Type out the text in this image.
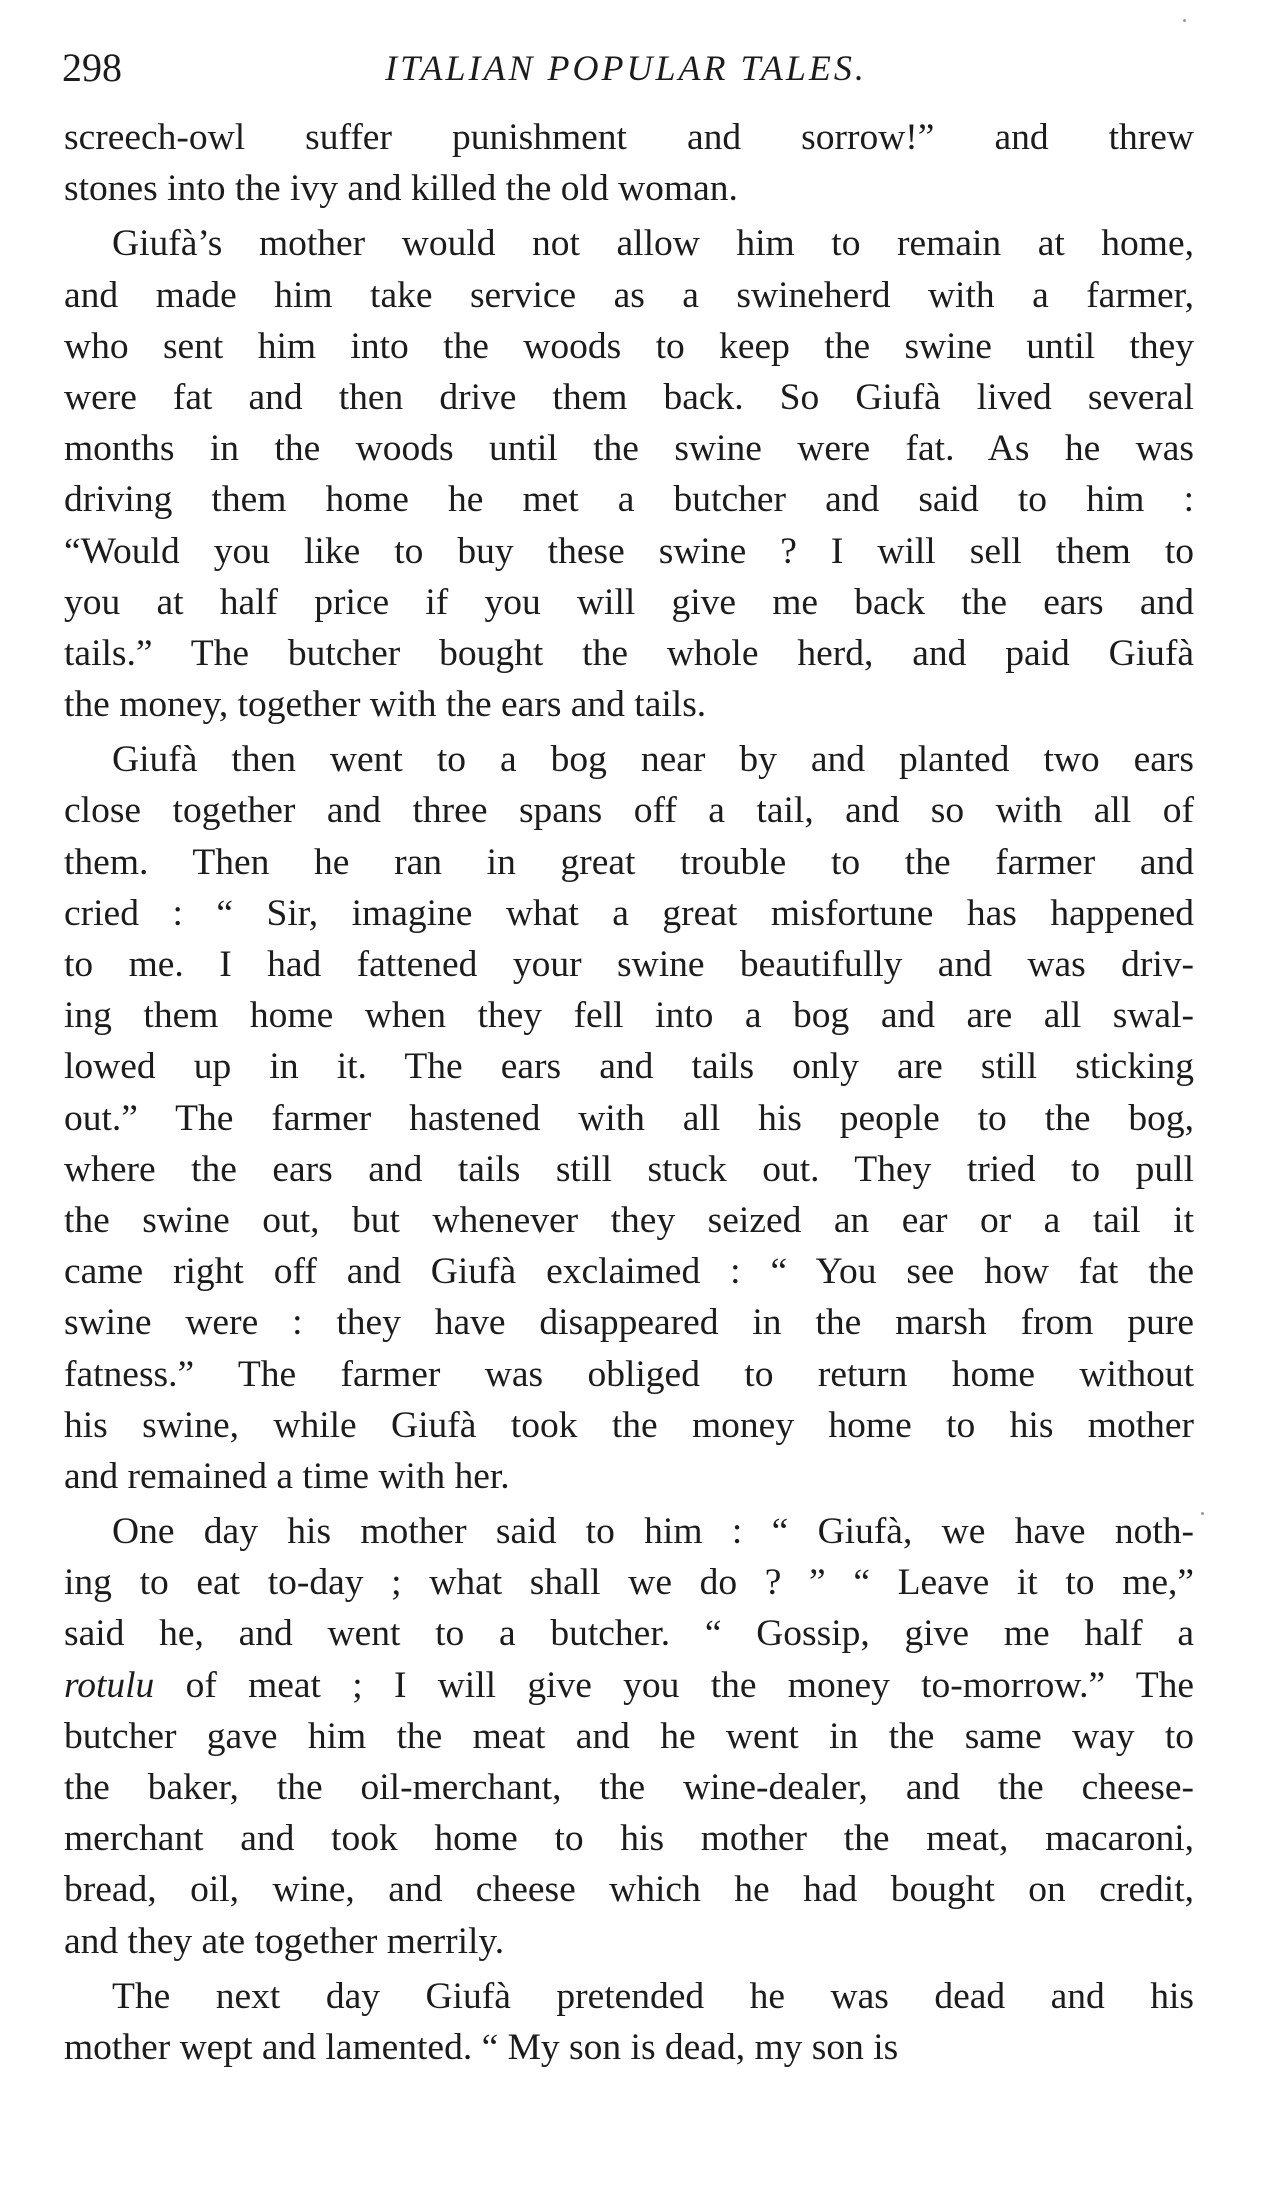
298	ITALIAN POPULAR TALES.
screech-owl suffer punishment and sorrow!” and threw
stones into the ivy and killed the old woman.
Giufà’s mother would not allow him to remain at home,
and made him take service as a swineherd with a farmer,
who sent him into the woods to keep the swine until they
were fat and then drive them back. So Giufà lived several
months in the woods until the swine were fat. As he was
driving them home he met a butcher and said to him :
“Would you like to buy these swine ? I will sell them to
you at half price if you will give me back the ears and
tails.” The butcher bought the whole herd, and paid Giufà
the money, together with the ears and tails.
Giufà then went to a bog near by and planted two ears
close together and three spans off a tail, and so with all of
them. Then he ran in great trouble to the farmer and
cried : “ Sir, imagine what a great misfortune has happened
to me. I had fattened your swine beautifully and was driv-
ing them home when they fell into a bog and are all swal-
lowed up in it. The ears and tails only are still sticking
out.” The farmer hastened with all his people to the bog,
where the ears and tails still stuck out. They tried to pull
the swine out, but whenever they seized an ear or a tail it
came right off and Giufà exclaimed : “ You see how fat the
swine were : they have disappeared in the marsh from pure
fatness.” The farmer was obliged to return home without
his swine, while Giufà took the money home to his mother
and remained a time with her.
One day his mother said to him : “ Giufà, we have noth-
ing to eat to-day ; what shall we do ? ” “ Leave it to me,”
said he, and went to a butcher. “ Gossip, give me half a
rotulu of meat ; I will give you the money to-morrow.” The
butcher gave him the meat and he went in the same way to
the baker, the oil-merchant, the wine-dealer, and the cheese-
merchant and took home to his mother the meat, macaroni,
bread, oil, wine, and cheese which he had bought on credit,
and they ate together merrily.
The next day Giufà pretended he was dead and his
mother wept and lamented. “ My son is dead, my son is
